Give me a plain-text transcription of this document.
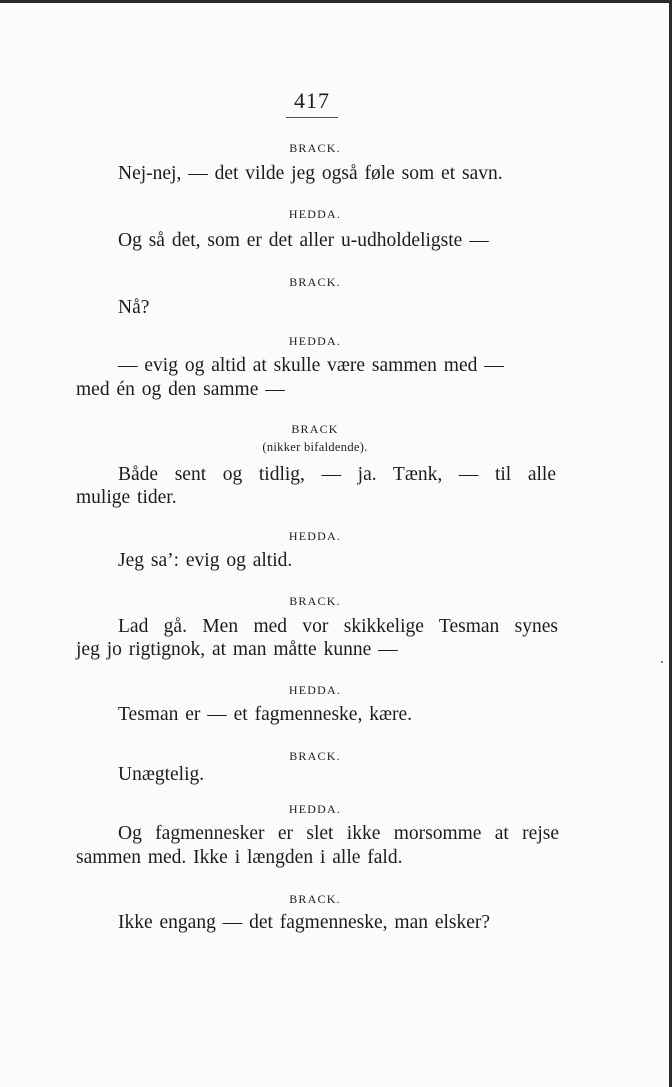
417
BRACK.
Nej-nej, — det vilde jeg også føle som et savn.
HEDDA.
Og så det, som er det aller u-udholdeligste —
BRACK.
Nå?
HEDDA.
— evig og altid at skulle være sammen med —
med én og den samme —
BRACK
(nikker bifaldende).
Både sent og tidlig, — ja. Tænk, — til alle
mulige tider.
HEDDA.
Jeg sa’: evig og altid.
BRACK.
Lad gå. Men med vor skikkelige Tesman synes
jeg jo rigtignok, at man måtte kunne —
HEDDA.
Tesman er — et fagmenneske, kære.
BRACK.
Unægtelig.
HEDDA.
Og fagmennesker er slet ikke morsomme at rejse
sammen med. Ikke i længden i alle fald.
BRACK.
Ikke engang — det fagmenneske, man elsker?
